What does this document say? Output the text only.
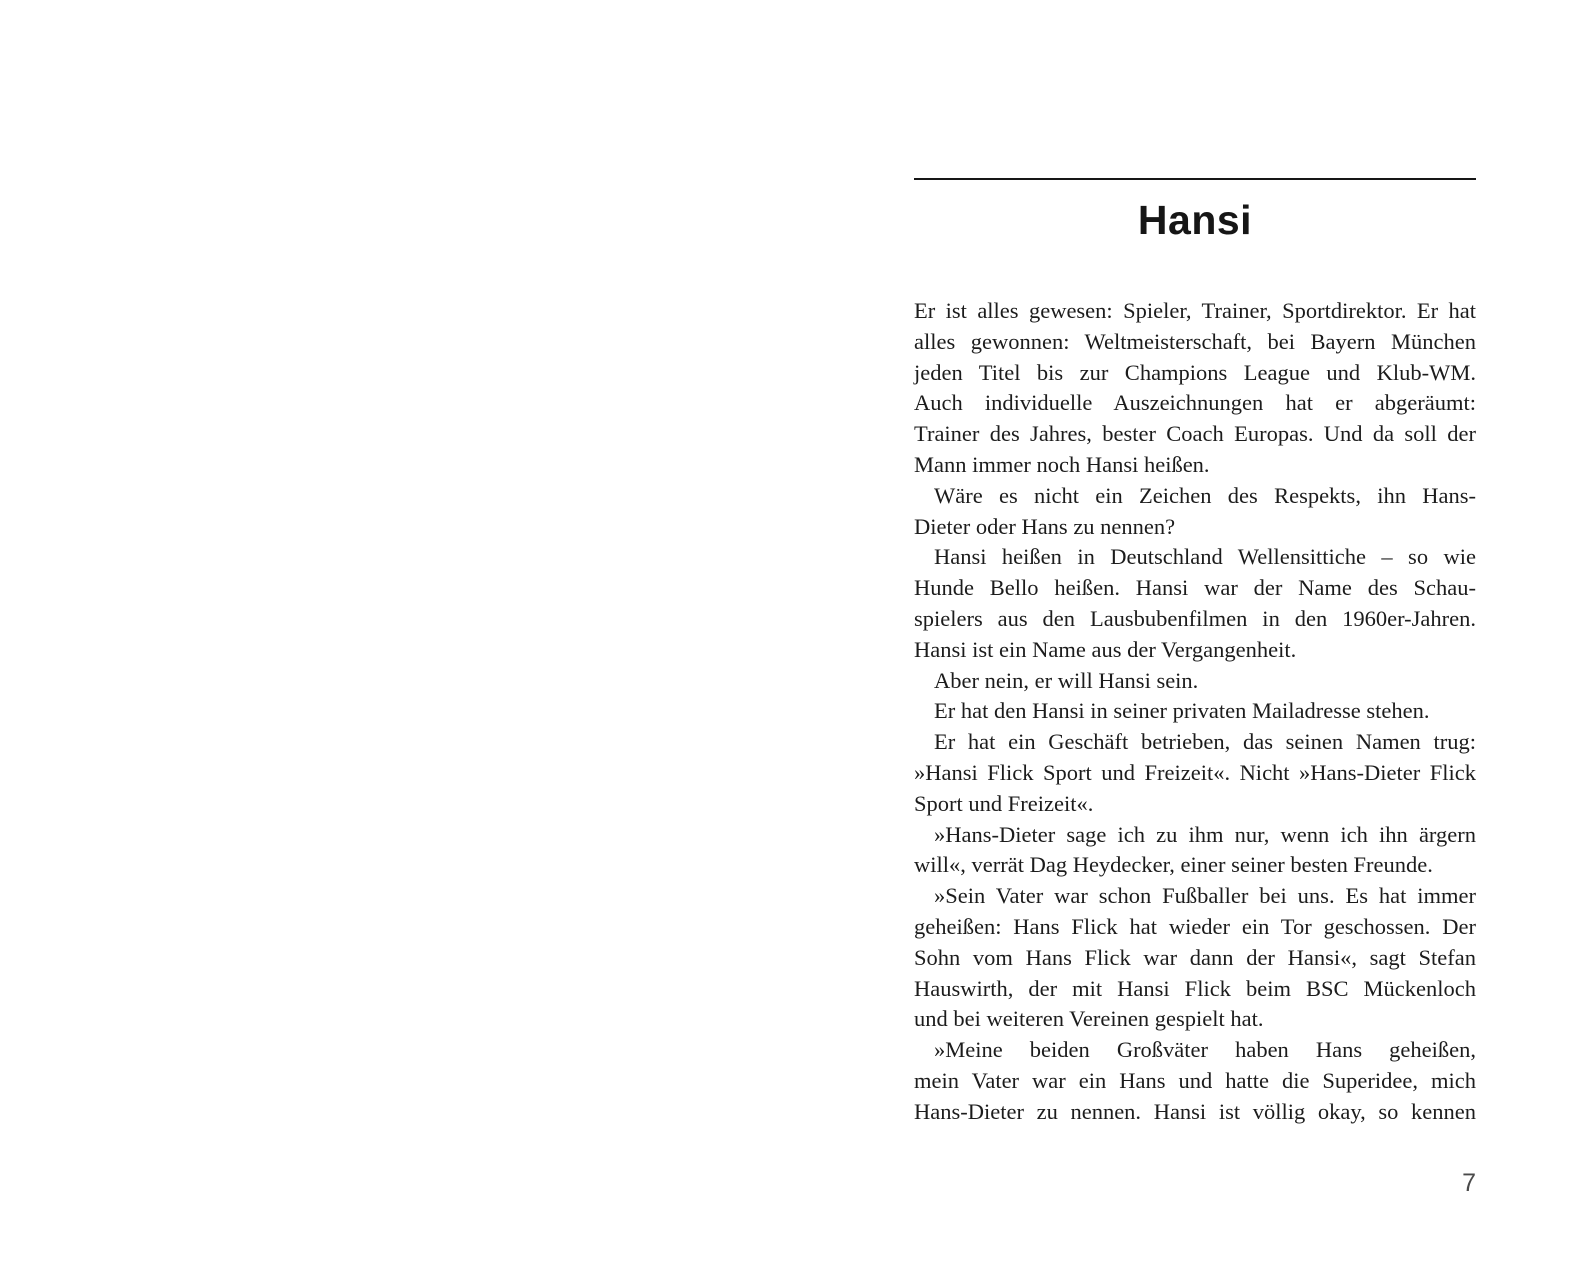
Hansi

Er ist alles gewesen: Spieler, Trainer, Sportdirektor. Er hat

alles gewonnen: Weltmeisterschaft, bei Bayern München

jeden Titel bis zur Champions League und Klub-WM.

Auch individuelle Auszeichnungen hat er abgeräumt:

Trainer des Jahres, bester Coach Europas. Und da soll der

Mann immer noch Hansi heißen.

Wäre es nicht ein Zeichen des Respekts, ihn Hans-

Dieter oder Hans zu nennen?

Hansi heißen in Deutschland Wellensittiche – so wie

Hunde Bello heißen. Hansi war der Name des Schau-

spielers aus den Lausbubenfilmen in den 1960er-Jahren.

Hansi ist ein Name aus der Vergangenheit.

Aber nein, er will Hansi sein.

Er hat den Hansi in seiner privaten Mailadresse stehen.

Er hat ein Geschäft betrieben, das seinen Namen trug:

»Hansi Flick Sport und Freizeit«. Nicht »Hans-Dieter Flick

Sport und Freizeit«.

»Hans-Dieter sage ich zu ihm nur, wenn ich ihn ärgern

will«, verrät Dag Heydecker, einer seiner besten Freunde.

»Sein Vater war schon Fußballer bei uns. Es hat immer

geheißen: Hans Flick hat wieder ein Tor geschossen. Der

Sohn vom Hans Flick war dann der Hansi«, sagt Stefan

Hauswirth, der mit Hansi Flick beim BSC Mückenloch

und bei weiteren Vereinen gespielt hat.

»Meine beiden Großväter haben Hans geheißen,

mein Vater war ein Hans und hatte die Superidee, mich

Hans-Dieter zu nennen. Hansi ist völlig okay, so kennen

7
